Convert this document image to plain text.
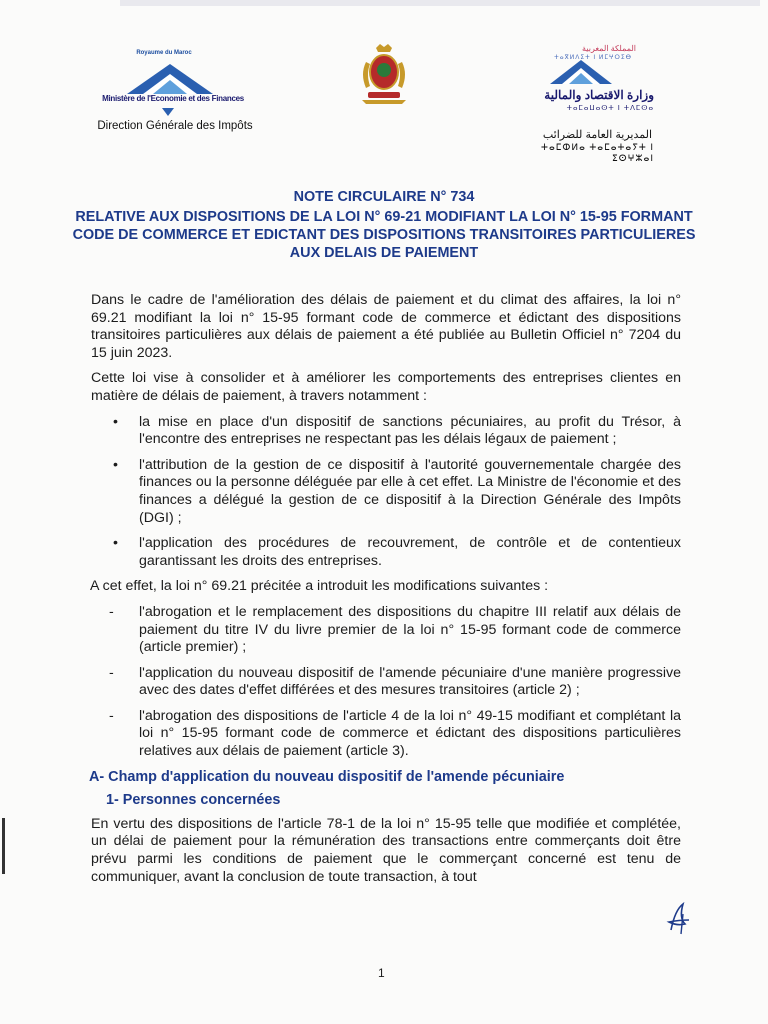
Royaume du Maroc
Ministère de l'Economie et des Finances
Direction Générale des Impôts
المملكة المغربية
ⵜⴰⴳⵍⴷⵉⵜ ⵏ ⵍⵎⵖⵔⵉⴱ
وزارة الاقتصاد والمالية
ⵜⴰⵎⴰⵡⴰⵙⵜ ⵏ ⵜⴷⵎⵙⴰ
المديرية العامة للضرائب
ⵜⴰⵎⵀⵍⴰ ⵜⴰⵎⴰⵜⴰⵢⵜ ⵏ ⵉⵙⵖⵣⴰⵏ
NOTE CIRCULAIRE N° 734
RELATIVE AUX DISPOSITIONS DE LA LOI N° 69-21 MODIFIANT LA LOI N° 15-95 FORMANT CODE DE COMMERCE ET EDICTANT DES DISPOSITIONS TRANSITOIRES PARTICULIERES AUX DELAIS DE PAIEMENT

Dans le cadre de l'amélioration des délais de paiement et du climat des affaires, la loi n° 69.21 modifiant la loi n° 15-95 formant code de commerce et édictant des dispositions transitoires particulières aux délais de paiement a été publiée au Bulletin Officiel n° 7204 du 15 juin 2023.

Cette loi vise à consolider et à améliorer les comportements des entreprises clientes en matière de délais de paiement, à travers notamment :

• la mise en place d'un dispositif de sanctions pécuniaires, au profit du Trésor, à l'encontre des entreprises ne respectant pas les délais légaux de paiement ;
• l'attribution de la gestion de ce dispositif à l'autorité gouvernementale chargée des finances ou la personne déléguée par elle à cet effet. La Ministre de l'économie et des finances a délégué la gestion de ce dispositif à la Direction Générale des Impôts (DGI) ;
• l'application des procédures de recouvrement, de contrôle et de contentieux garantissant les droits des entreprises.

A cet effet, la loi n° 69.21 précitée a introduit les modifications suivantes :

- l'abrogation et le remplacement des dispositions du chapitre III relatif aux délais de paiement du titre IV du livre premier de la loi n° 15-95 formant code de commerce (article premier) ;
- l'application du nouveau dispositif de l'amende pécuniaire d'une manière progressive avec des dates d'effet différées et des mesures transitoires (article 2) ;
- l'abrogation des dispositions de l'article 4 de la loi n° 49-15 modifiant et complétant la loi n° 15-95 formant code de commerce et édictant des dispositions particulières relatives aux délais de paiement (article 3).
A- Champ d'application du nouveau dispositif de l'amende pécuniaire
1- Personnes concernées

En vertu des dispositions de l'article 78-1 de la loi n° 15-95 telle que modifiée et complétée, un délai de paiement pour la rémunération des transactions entre commerçants doit être prévu parmi les conditions de paiement que le commerçant concerné est tenu de communiquer, avant la conclusion de toute transaction, à tout

1
